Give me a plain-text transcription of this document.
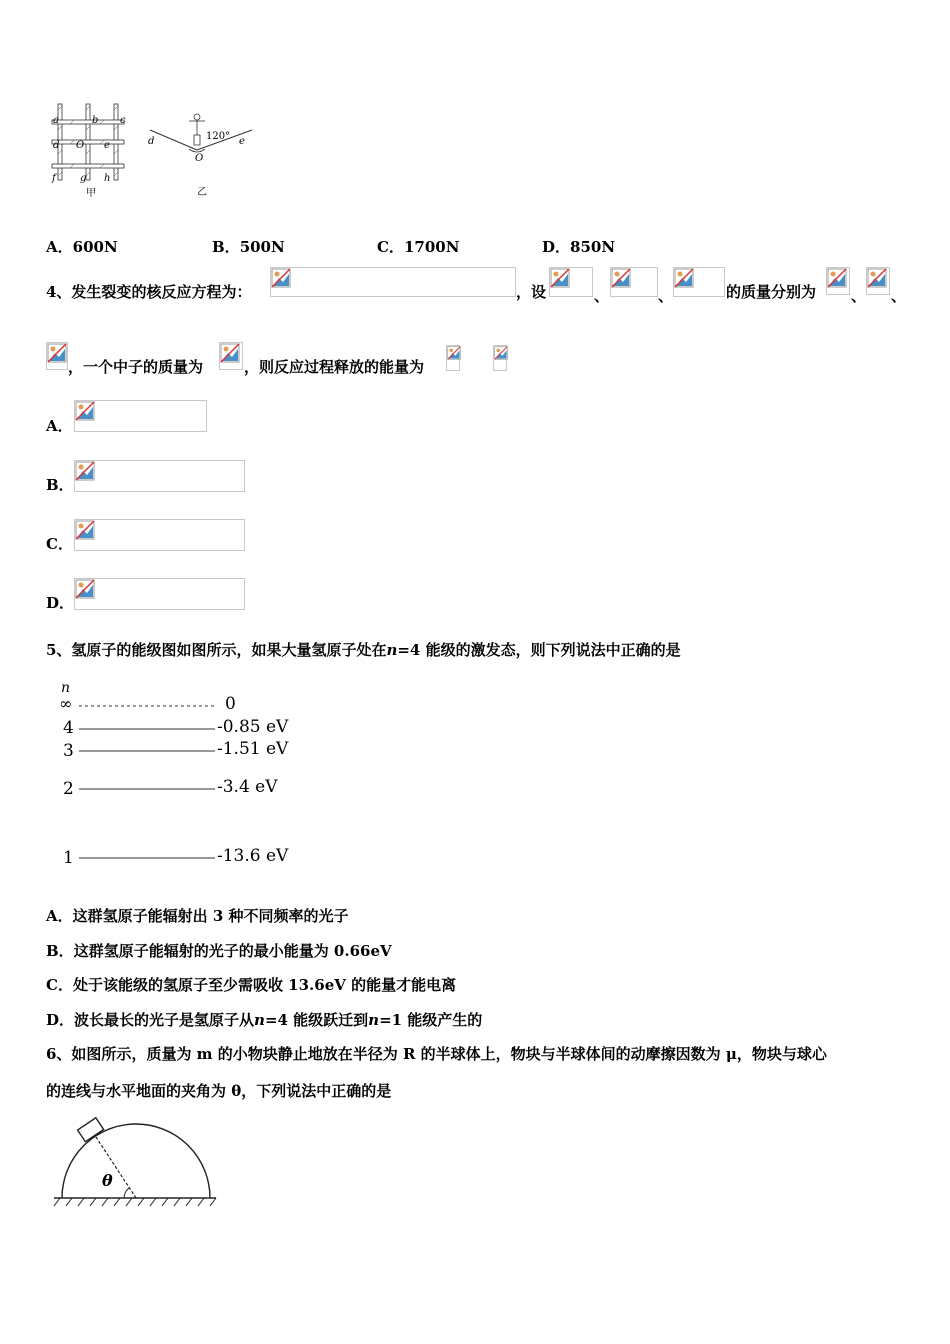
a	b c
d O e
f g h
甲
d	e
O
120°
乙
A．600N	B．500N	C．1700N	D．850N
4、发生裂变的核反应方程为：	，设	、	、	的质量分别为 、 、
，一个中子的质量为	，则反应过程释放的能量为
A．
B．
C．
D．
5、氢原子的能级图如图所示，如果大量氢原子处在n=4 能级的激发态，则下列说法中正确的是
n
∞
4
3
2
1
0
-0.85 eV
-1.51 eV
-3.4 eV
-13.6 eV
A．这群氢原子能辐射出 3 种不同频率的光子
B．这群氢原子能辐射的光子的最小能量为 0.66eV
C．处于该能级的氢原子至少需吸收 13.6eV 的能量才能电离
D．波长最长的光子是氢原子从n=4 能级跃迁到n=1 能级产生的
6、如图所示，质量为 m 的小物块静止地放在半径为 R 的半球体上，物块与半球体间的动摩擦因数为 μ，物块与球心
的连线与水平地面的夹角为 θ，下列说法中正确的是
θ
